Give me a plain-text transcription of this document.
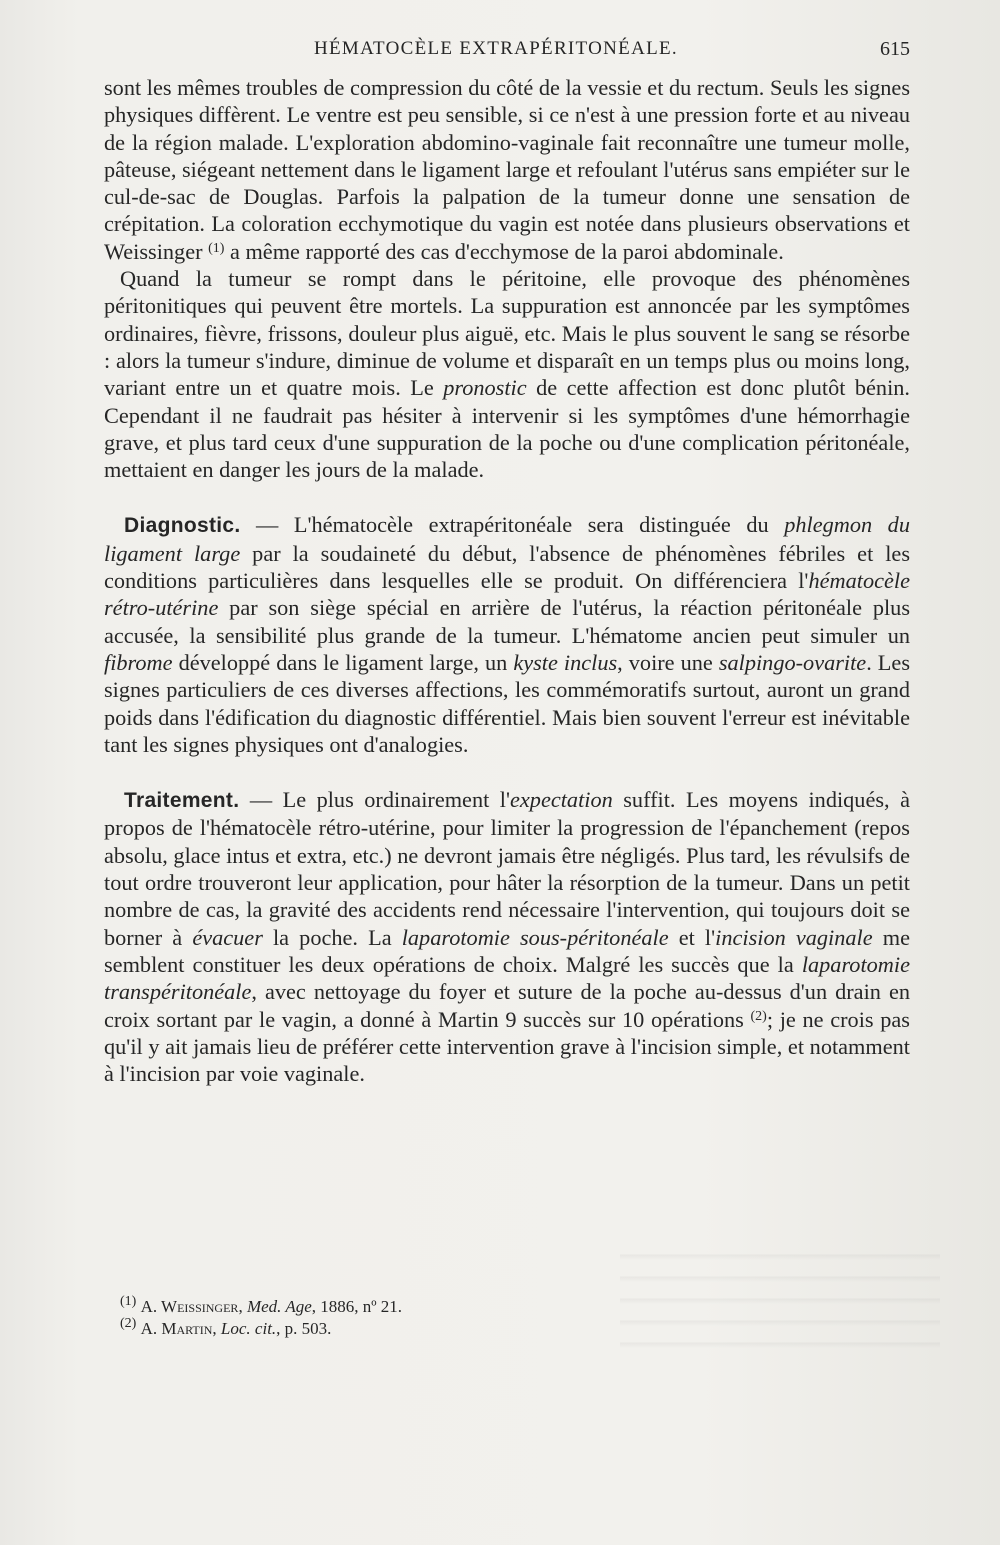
HÉMATOCÈLE EXTRAPÉRITONÉALE.	615

sont les mêmes troubles de compression du côté de la vessie et du rectum. Seuls les signes physiques diffèrent. Le ventre est peu sensible, si ce n'est à une pression forte et au niveau de la région malade. L'exploration abdomino-vaginale fait reconnaître une tumeur molle, pâteuse, siégeant nettement dans le ligament large et refoulant l'utérus sans empiéter sur le cul-de-sac de Douglas. Parfois la palpation de la tumeur donne une sensation de crépitation. La coloration ecchymotique du vagin est notée dans plusieurs observations et Weissinger $^{(1)}$ a même rapporté des cas d'ecchymose de la paroi abdominale.

Quand la tumeur se rompt dans le péritoine, elle provoque des phénomènes péritonitiques qui peuvent être mortels. La suppuration est annoncée par les symptômes ordinaires, fièvre, frissons, douleur plus aiguë, etc. Mais le plus souvent le sang se résorbe : alors la tumeur s'indure, diminue de volume et disparaît en un temps plus ou moins long, variant entre un et quatre mois. Le pronostic de cette affection est donc plutôt bénin. Cependant il ne faudrait pas hésiter à intervenir si les symptômes d'une hémorrhagie grave, et plus tard ceux d'une suppuration de la poche ou d'une complication péritonéale, mettaient en danger les jours de la malade.

Diagnostic. — L'hématocèle extrapéritonéale sera distinguée du phlegmon du ligament large par la soudaineté du début, l'absence de phénomènes fébriles et les conditions particulières dans lesquelles elle se produit. On différenciera l'hématocèle rétro-utérine par son siège spécial en arrière de l'utérus, la réaction péritonéale plus accusée, la sensibilité plus grande de la tumeur. L'hématome ancien peut simuler un fibrome développé dans le ligament large, un kyste inclus, voire une salpingo-ovarite. Les signes particuliers de ces diverses affections, les commémoratifs surtout, auront un grand poids dans l'édification du diagnostic différentiel. Mais bien souvent l'erreur est inévitable tant les signes physiques ont d'analogies.

Traitement. — Le plus ordinairement l'expectation suffit. Les moyens indiqués, à propos de l'hématocèle rétro-utérine, pour limiter la progression de l'épanchement (repos absolu, glace intus et extra, etc.) ne devront jamais être négligés. Plus tard, les révulsifs de tout ordre trouveront leur application, pour hâter la résorption de la tumeur. Dans un petit nombre de cas, la gravité des accidents rend nécessaire l'intervention, qui toujours doit se borner à évacuer la poche. La laparotomie sous-péritonéale et l'incision vaginale me semblent constituer les deux opérations de choix. Malgré les succès que la laparotomie transpéritonéale, avec nettoyage du foyer et suture de la poche au-dessus d'un drain en croix sortant par le vagin, a donné à Martin 9 succès sur 10 opérations $^{(2)}$; je ne crois pas qu'il y ait jamais lieu de préférer cette intervention grave à l'incision simple, et notamment à l'incision par voie vaginale.

$^{(1)}$ A. Weissinger, Med. Age, 1886, nº 21.

$^{(2)}$ A. Martin, Loc. cit., p. 503.
